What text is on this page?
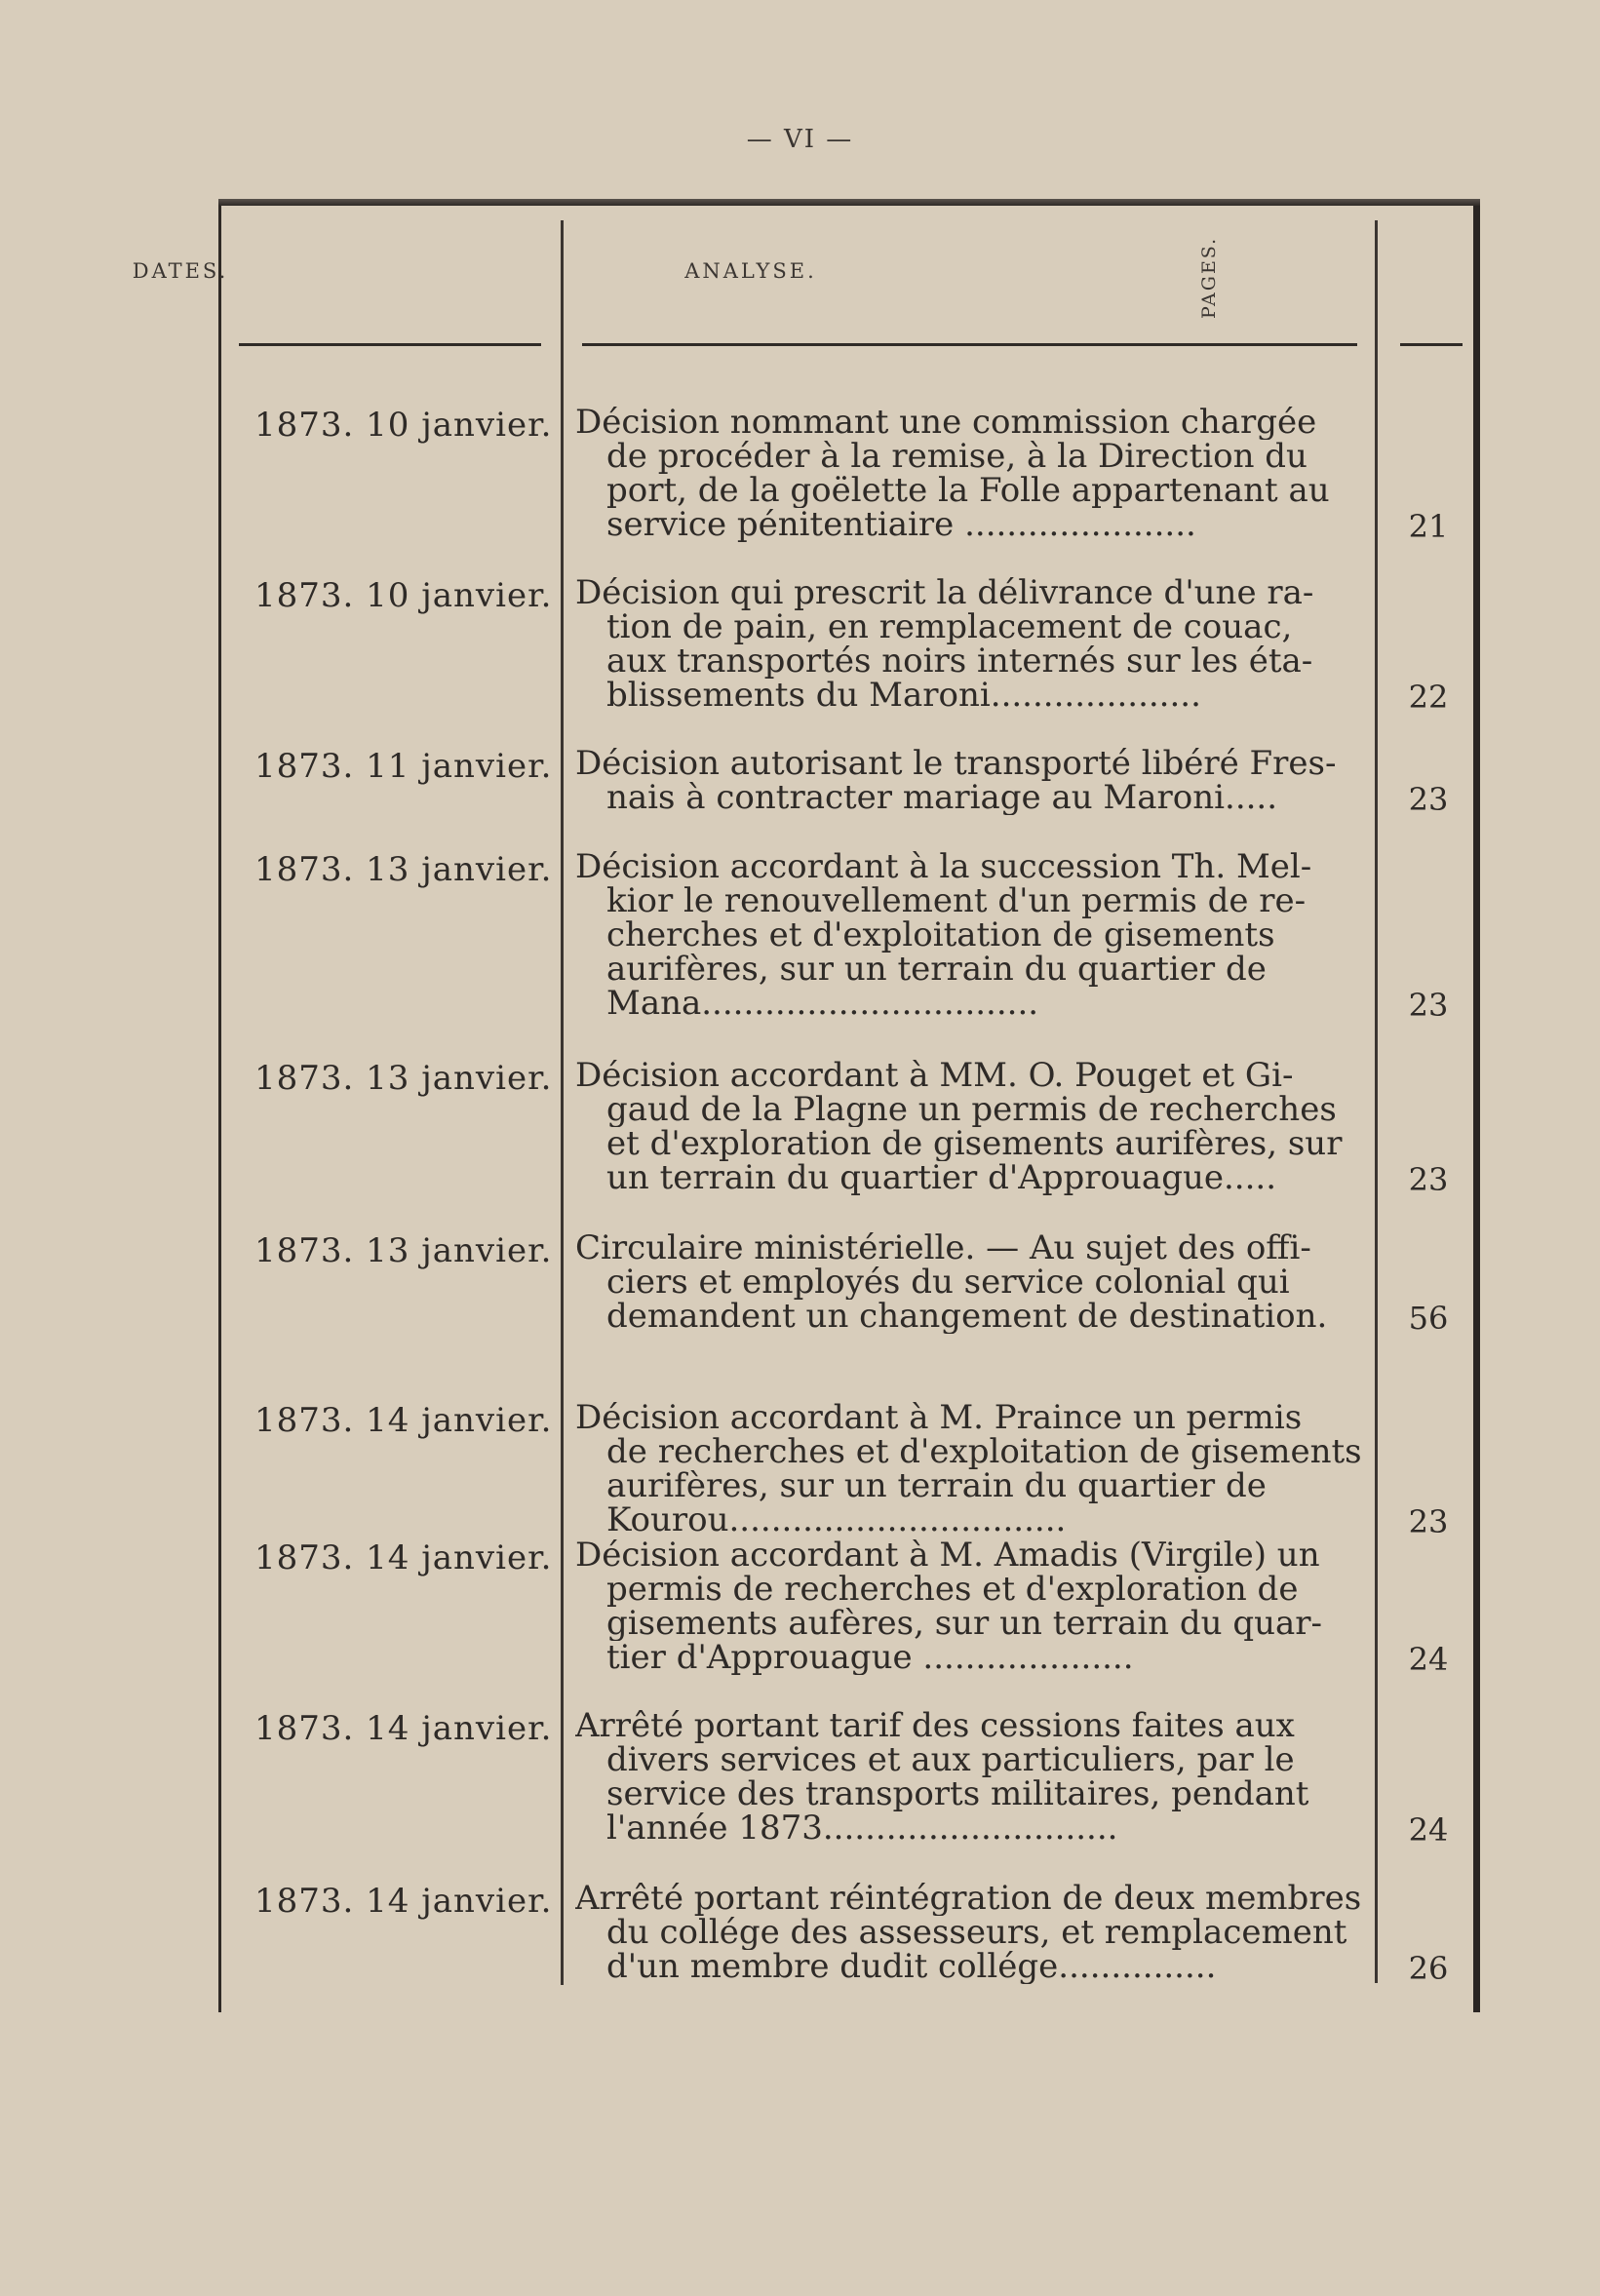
— VI —
DATES.	ANALYSE.	PAGES.
1873. 10 janvier. Décision nommant une commission chargée
de procéder à la remise, à la Direction du
port, de la goëlette la Folle appartenant au
service pénitentiaire ......................	21
1873. 10 janvier. Décision qui prescrit la délivrance d'une ra-
tion de pain, en remplacement de couac,
aux transportés noirs internés sur les éta-
blissements du Maroni....................	22
1873. 11 janvier. Décision autorisant le transporté libéré Fres-
nais à contracter mariage au Maroni.....	23
1873. 13 janvier. Décision accordant à la succession Th. Mel-
kior le renouvellement d'un permis de re-
cherches et d'exploitation de gisements
aurifères, sur un terrain du quartier de
Mana................................	23
1873. 13 janvier. Décision accordant à MM. O. Pouget et Gi-
gaud de la Plagne un permis de recherches
et d'exploration de gisements aurifères, sur
un terrain du quartier d'Approuague.....	23
1873. 13 janvier. Circulaire ministérielle. — Au sujet des offi-
ciers et employés du service colonial qui
demandent un changement de destination.	56
1873. 14 janvier. Décision accordant à M. Praince un permis
de recherches et d'exploitation de gisements
aurifères, sur un terrain du quartier de
Kourou................................	23
1873. 14 janvier. Décision accordant à M. Amadis (Virgile) un
permis de recherches et d'exploration de
gisements aufères, sur un terrain du quar-
tier d'Approuague ....................	24
1873. 14 janvier. Arrêté portant tarif des cessions faites aux
divers services et aux particuliers, par le
service des transports militaires, pendant
l'année 1873............................	24
1873. 14 janvier. Arrêté portant réintégration de deux membres
du collége des assesseurs, et remplacement
d'un membre dudit collége...............	26
